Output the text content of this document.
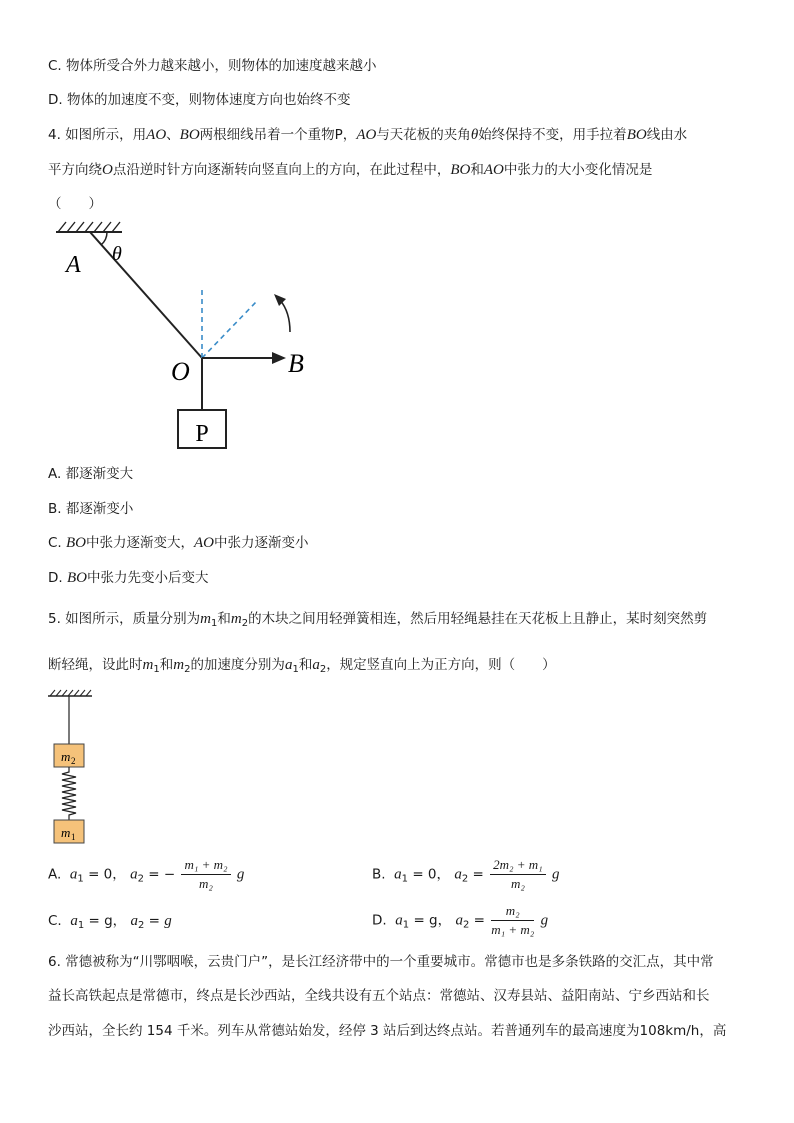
C. 物体所受合外力越来越小，则物体的加速度越来越小
D. 物体的加速度不变，则物体速度方向也始终不变
4. 如图所示，用AO、BO两根细线吊着一个重物P，AO与天花板的夹角θ始终保持不变，用手拉着BO线由水
平方向绕O点沿逆时针方向逐渐转向竖直向上的方向，在此过程中，BO和AO中张力的大小变化情况是
（　　）
A θ
B
O
P
A. 都逐渐变大
B. 都逐渐变小
C. BO中张力逐渐变大，AO中张力逐渐变小
D. BO中张力先变小后变大
5. 如图所示，质量分别为$m_1$和$m_2$的木块之间用轻弹簧相连，然后用轻绳悬挂在天花板上且静止，某时刻突然剪
断轻绳，设此时$m_1$和$m_2$的加速度分别为$a_1$和$a_2$，规定竖直向上为正方向，则（　　）
m 2
m 1
A. $a_1 = 0$， $a_2$ = − $\frac{\text{m₁ + m₂}}{\text{m₂}}$ g	B. $a_1 = 0$， $a_2 = \frac{\text{2m₂ + m₁}}{\text{m₂}}$ g
C. $a_1 = g$， $a_2 = g$	D. $a_1 = g$， $a_2 = \frac{\text{m₂}}{\text{m₁ + m₂}}$ g
6. 常德被称为“川鄂咽喉，云贵门户”，是长江经济带中的一个重要城市。常德市也是多条铁路的交汇点，其中常
益长高铁起点是常德市，终点是长沙西站，全线共设有五个站点：常德站、汉寿县站、益阳南站、宁乡西站和长
沙西站，全长约 154 千米。列车从常德站始发，经停 3 站后到达终点站。若普通列车的最高速度为108km/h，高
